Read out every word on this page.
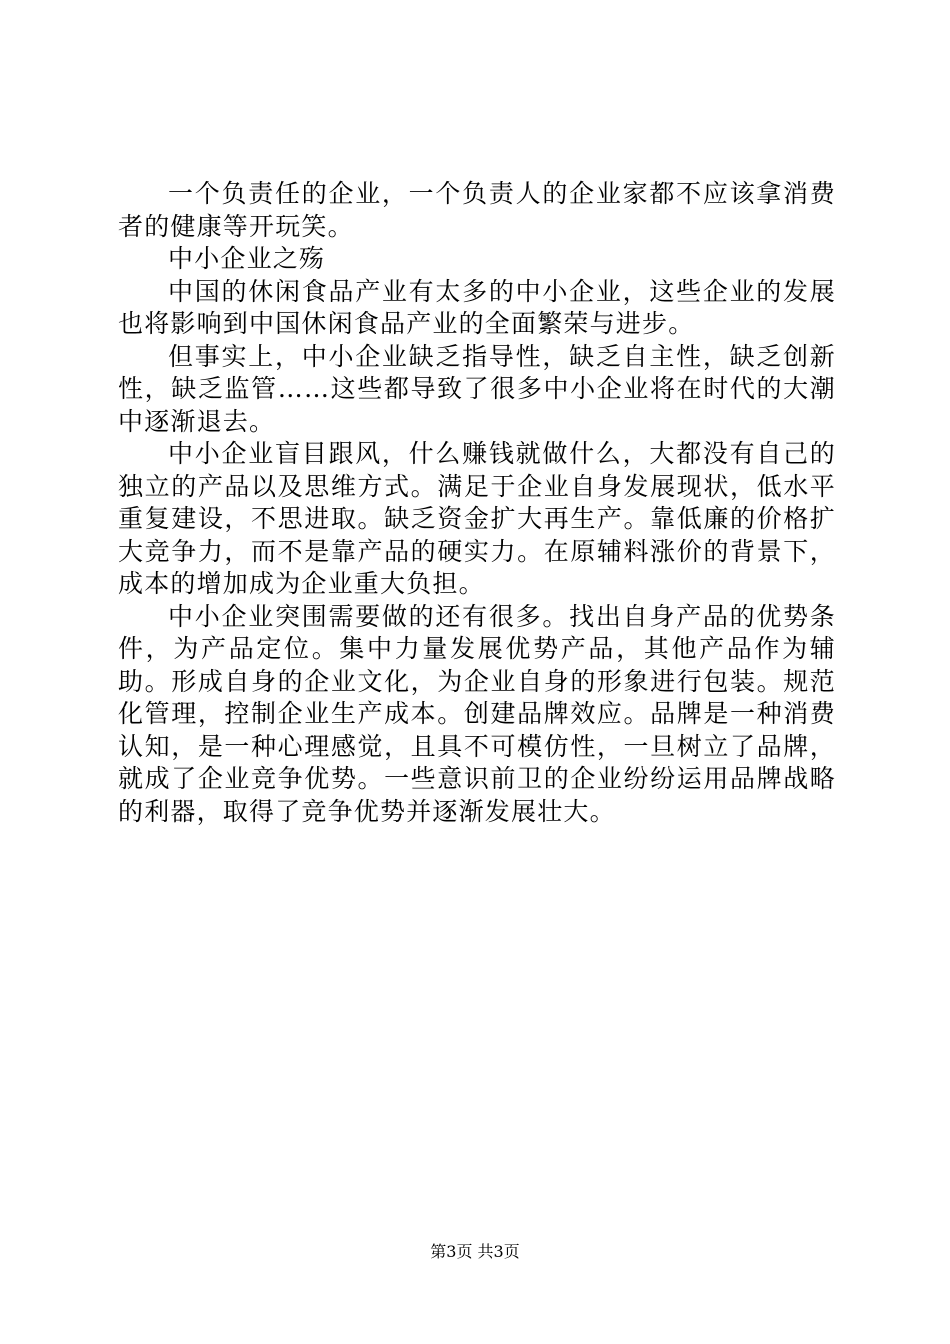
一个负责任的企业，一个负责人的企业家都不应该拿消费者的健康等开玩笑。

中小企业之殇

中国的休闲食品产业有太多的中小企业，这些企业的发展也将影响到中国休闲食品产业的全面繁荣与进步。

但事实上，中小企业缺乏指导性，缺乏自主性，缺乏创新性，缺乏监管……这些都导致了很多中小企业将在时代的大潮中逐渐退去。

中小企业盲目跟风，什么赚钱就做什么，大都没有自己的独立的产品以及思维方式。满足于企业自身发展现状，低水平重复建设，不思进取。缺乏资金扩大再生产。靠低廉的价格扩大竞争力，而不是靠产品的硬实力。在原辅料涨价的背景下，成本的增加成为企业重大负担。

中小企业突围需要做的还有很多。找出自身产品的优势条件，为产品定位。集中力量发展优势产品，其他产品作为辅助。形成自身的企业文化，为企业自身的形象进行包装。规范化管理，控制企业生产成本。创建品牌效应。品牌是一种消费认知，是一种心理感觉，且具不可模仿性，一旦树立了品牌，就成了企业竞争优势。一些意识前卫的企业纷纷运用品牌战略的利器，取得了竞争优势并逐渐发展壮大。

第3页 共3页
